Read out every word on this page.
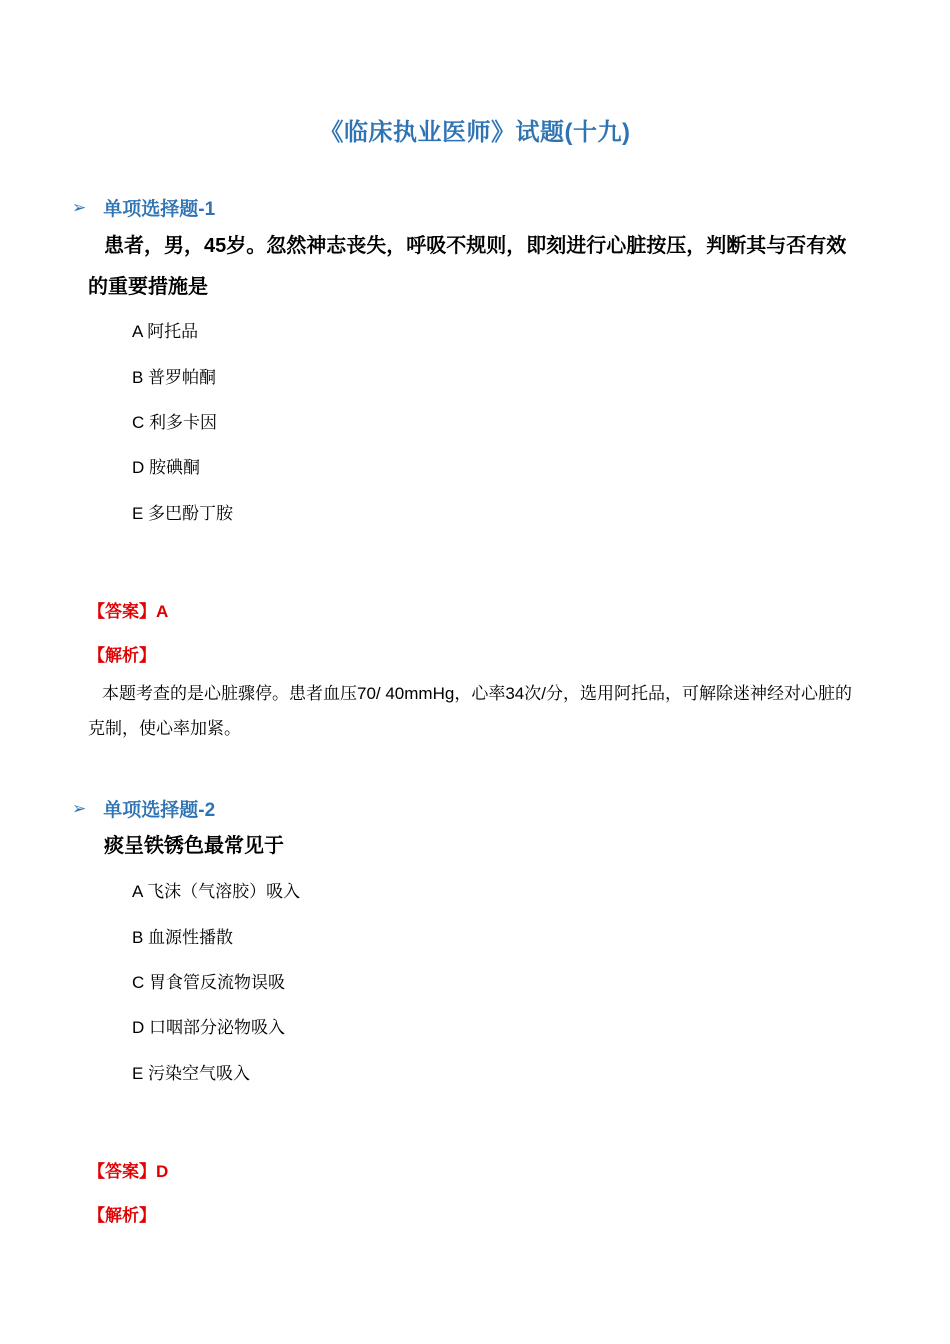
《临床执业医师》试题(十九)
➢ 单项选择题-1
患者，男，45岁。忽然神志丧失，呼吸不规则，即刻进行心脏按压，判断其与否有效的重要措施是
A 阿托品
B 普罗帕酮
C 利多卡因
D 胺碘酮
E 多巴酚丁胺
【答案】A
【解析】
本题考查的是心脏骤停。患者血压70/ 40mmHg，心率34次/分，选用阿托品，可解除迷神经对心脏的克制，使心率加紧。
➢ 单项选择题-2
痰呈铁锈色最常见于
A 飞沫（气溶胶）吸入
B 血源性播散
C 胃食管反流物误吸
D 口咽部分泌物吸入
E 污染空气吸入
【答案】D
【解析】
